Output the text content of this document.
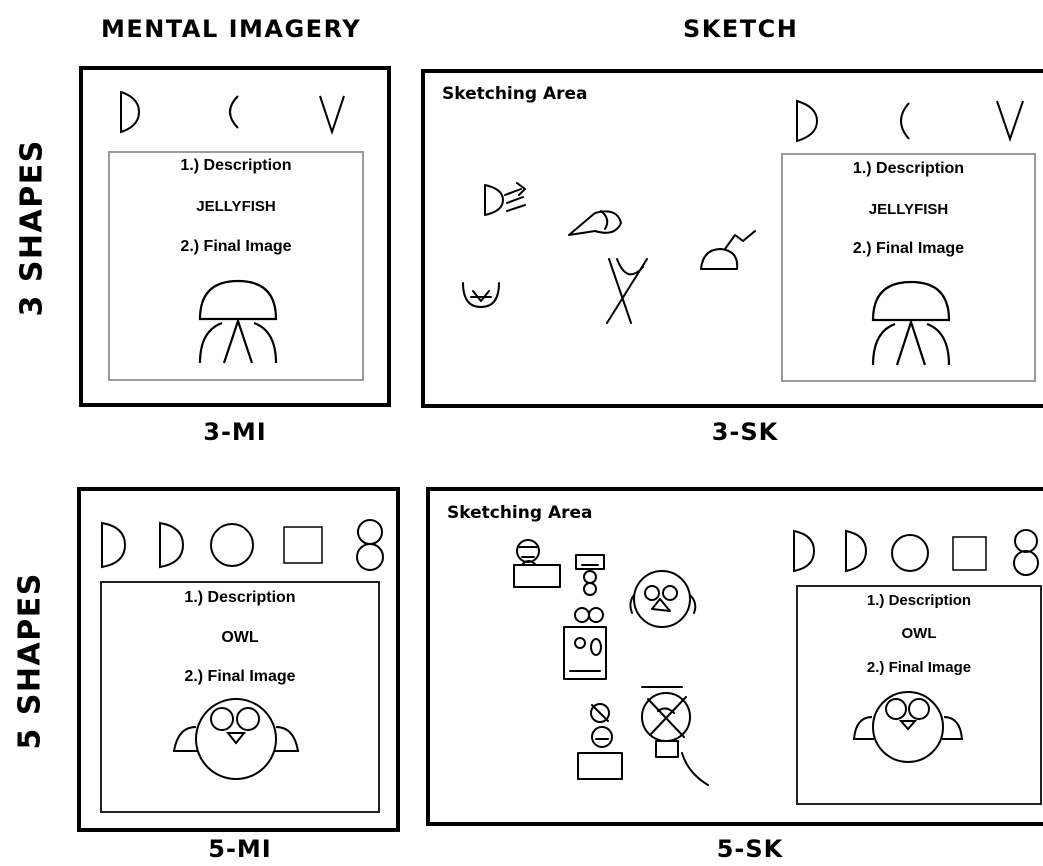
MENTAL IMAGERY	SKETCH
3 SHAPES
5 SHAPES
1.) Description
JELLYFISH
2.) Final Image
3-MI
Sketching Area
1.) Description
JELLYFISH
2.) Final Image
3-SK
1.) Description
OWL
2.) Final Image
5-MI
Sketching Area
1.) Description
OWL
2.) Final Image
5-SK
